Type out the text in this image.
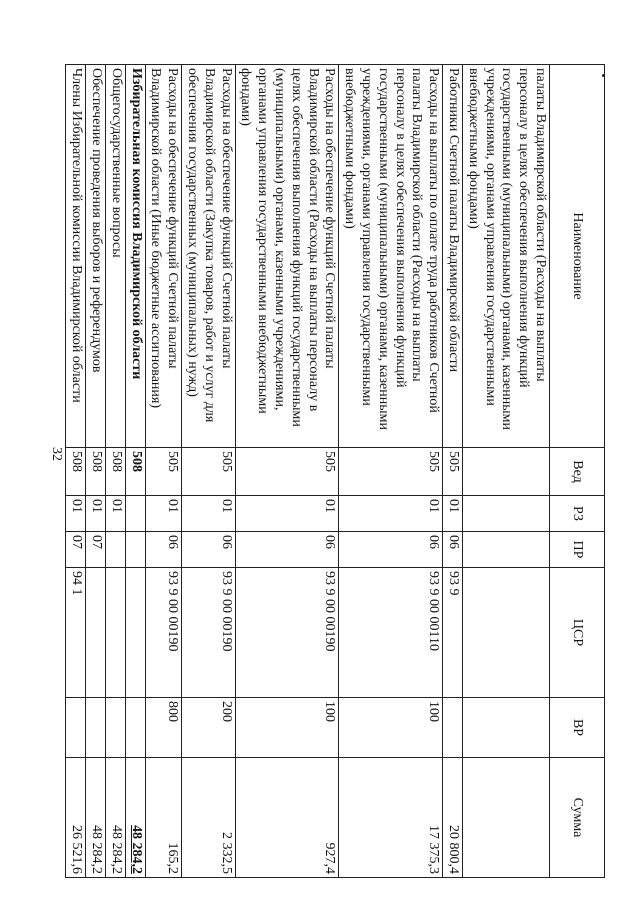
32
Наименование	Вед	РЗ	ПР	ЦСР	ВР	Сумма
палаты Владимирской области (Расходы на выплаты персоналу в целях обеспечения выполнения функций государственными (муниципальными) органами, казенными учреждениями, органами управления государственными внебюджетными фондами)						
Работники Счетной палаты Владимирской области	505	01	06	93 9		20 800,4
Расходы на выплаты по оплате труда работников Счетной палаты Владимирской области (Расходы на выплаты персоналу в целях обеспечения выполнения функций государственными (муниципальными) органами, казенными учреждениями, органами управления государственными внебюджетными фондами)	505	01	06	93 9 00 00110	100	17 375,3
Расходы на обеспечение функций Счетной палаты Владимирской области (Расходы на выплаты персоналу в целях обеспечения выполнения функций государственными (муниципальными) органами, казенными учреждениями, органами управления государственными внебюджетными фондами)	505	01	06	93 9 00 00190	100	927,4
Расходы на обеспечение функций Счетной палаты Владимирской области (Закупка товаров, работ и услуг для обеспечения государственных (муниципальных) нужд)	505	01	06	93 9 00 00190	200	2 332,5
Расходы на обеспечение функций Счетной палаты Владимирской области (Иные бюджетные ассигнования)	505	01	06	93 9 00 00190	800	165,2
Избирательная комиссия Владимирской области	508					48 284,2
Общегосударственные вопросы	508	01				48 284,2
Обеспечение проведения выборов и референдумов	508	01	07			48 284,2
Члены Избирательной комиссии Владимирской области	508	01	07	94 1		26 521,6
